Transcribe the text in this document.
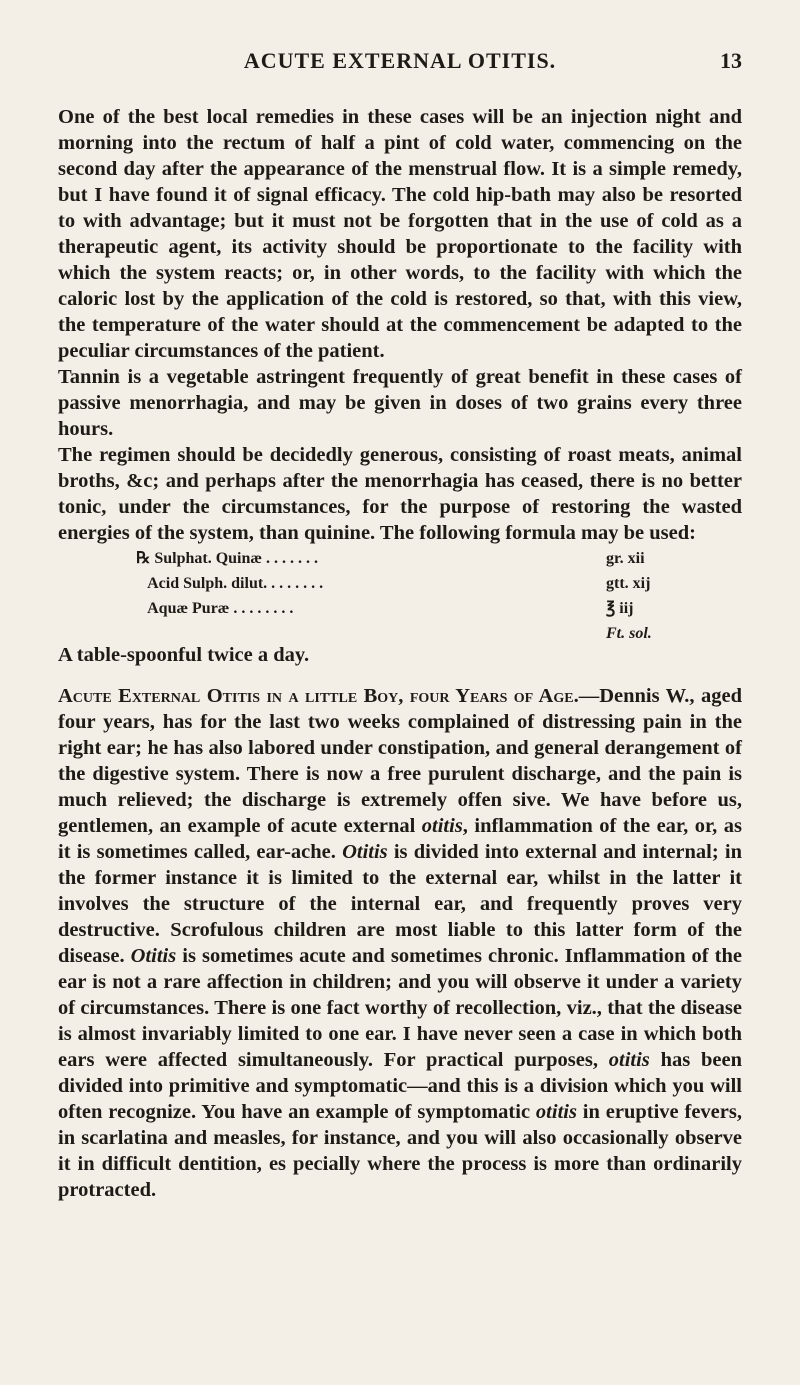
ACUTE EXTERNAL OTITIS.	13

One of the best local remedies in these cases will be an injection night and morning into the rectum of half a pint of cold water, commencing on the second day after the appearance of the menstrual flow. It is a simple remedy, but I have found it of signal efficacy. The cold hip-bath may also be resorted to with advantage; but it must not be forgotten that in the use of cold as a therapeutic agent, its activity should be proportionate to the facility with which the system reacts; or, in other words, to the facility with which the caloric lost by the application of the cold is restored, so that, with this view, the temperature of the water should at the commencement be adapted to the peculiar circumstances of the patient.

Tannin is a vegetable astringent frequently of great benefit in these cases of passive menorrhagia, and may be given in doses of two grains every three hours.

The regimen should be decidedly generous, consisting of roast meats, animal broths, &c; and perhaps after the menorrhagia has ceased, there is no better tonic, under the circumstances, for the purpose of restoring the wasted energies of the system, than quinine. The following formula may be used:

℞ Sulphat. Quinæ . . . . . . .	gr. xii
Acid Sulph. dilut. . . . . . . .	gtt. xij
Aquæ Puræ . . . . . . . .	℥ iij
Ft. sol.

A table-spoonful twice a day.

Acute External Otitis in a little Boy, four Years of Age.—Dennis W., aged four years, has for the last two weeks complained of distressing pain in the right ear; he has also labored under constipation, and general derangement of the digestive system. There is now a free purulent discharge, and the pain is much relieved; the discharge is extremely offen sive. We have before us, gentlemen, an example of acute external otitis, inflammation of the ear, or, as it is sometimes called, ear-ache. Otitis is divided into external and internal; in the former instance it is limited to the external ear, whilst in the latter it involves the structure of the internal ear, and frequently proves very destructive. Scrofulous children are most liable to this latter form of the disease. Otitis is sometimes acute and sometimes chronic. Inflammation of the ear is not a rare affection in children; and you will observe it under a variety of circumstances. There is one fact worthy of recollection, viz., that the disease is almost invariably limited to one ear. I have never seen a case in which both ears were affected simultaneously. For practical purposes, otitis has been divided into primitive and symptomatic—and this is a division which you will often recognize. You have an example of symptomatic otitis in eruptive fevers, in scarlatina and measles, for instance, and you will also occasionally observe it in difficult dentition, es pecially where the process is more than ordinarily protracted.
